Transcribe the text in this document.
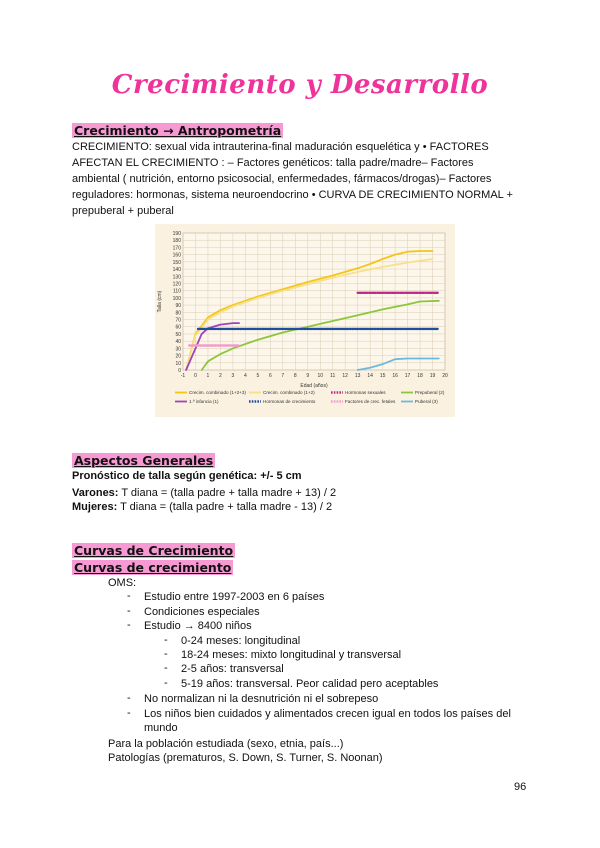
Crecimiento y Desarrollo
Crecimiento → Antropometría
CRECIMIENTO: sexual vida intrauterina-final maduración esquelética y • FACTORES
AFECTAN EL CRECIMIENTO : – Factores genéticos: talla padre/madre– Factores
ambiental ( nutrición, entorno psicosocial, enfermedades, fármacos/drogas)– Factores
reguladores: hormonas, sistema neuroendocrino • CURVA DE CRECIMIENTO NORMAL +
prepuberal + puberal
0
10
20
30
40
50
60
70
80
90
100
110
120
130
140
150
160
170
180
190
-1 0 1 2 3 4 5 6 7 8 9 10 11 12 13 14 15 16 17 18 19 20
Edad (años)
Talla (cm)
Crecim. combinado (1+2+3)	Crecim. combinado (1+2)	Hormonas sexuales	Prepuberal (2)
1.ª infancia (1)	Hormonas de crecimiento	Factores de crec. fetales	Puberal (3)
Aspectos Generales
Pronóstico de talla según genética: +/- 5 cm
Varones: T diana = (talla padre + talla madre + 13) / 2
Mujeres: T diana = (talla padre + talla madre - 13) / 2
Curvas de Crecimiento
Curvas de crecimiento
OMS:
- Estudio entre 1997-2003 en 6 países
- Condiciones especiales
- Estudio → 8400 niños
- 0-24 meses: longitudinal
- 18-24 meses: mixto longitudinal y transversal
- 2-5 años: transversal
- 5-19 años: transversal. Peor calidad pero aceptables
- No normalizan ni la desnutrición ni el sobrepeso
- Los niños bien cuidados y alimentados crecen igual en todos los países del
mundo
Para la población estudiada (sexo, etnia, país...)
Patologías (prematuros, S. Down, S. Turner, S. Noonan)
96
